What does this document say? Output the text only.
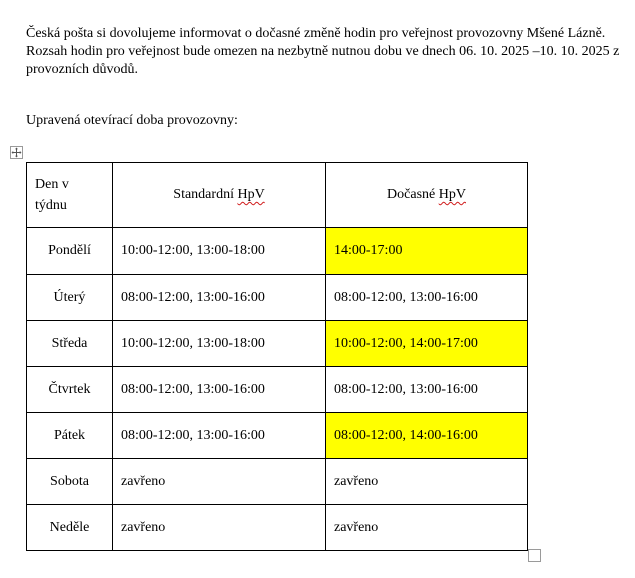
Česká pošta si dovolujeme informovat o dočasné změně hodin pro veřejnost provozovny Mšené Lázně. Rozsah hodin pro veřejnost bude omezen na nezbytně nutnou dobu ve dnech 06. 10. 2025 –10. 10. 2025 z provozních důvodů.

Upravená otevírací doba provozovny:

Den v týdnu	Standardní HpV	Dočasné HpV
Pondělí	10:00-12:00, 13:00-18:00	14:00-17:00
Úterý	08:00-12:00, 13:00-16:00	08:00-12:00, 13:00-16:00
Středa	10:00-12:00, 13:00-18:00	10:00-12:00, 14:00-17:00
Čtvrtek	08:00-12:00, 13:00-16:00	08:00-12:00, 13:00-16:00
Pátek	08:00-12:00, 13:00-16:00	08:00-12:00, 14:00-16:00
Sobota	zavřeno	zavřeno
Neděle	zavřeno	zavřeno
